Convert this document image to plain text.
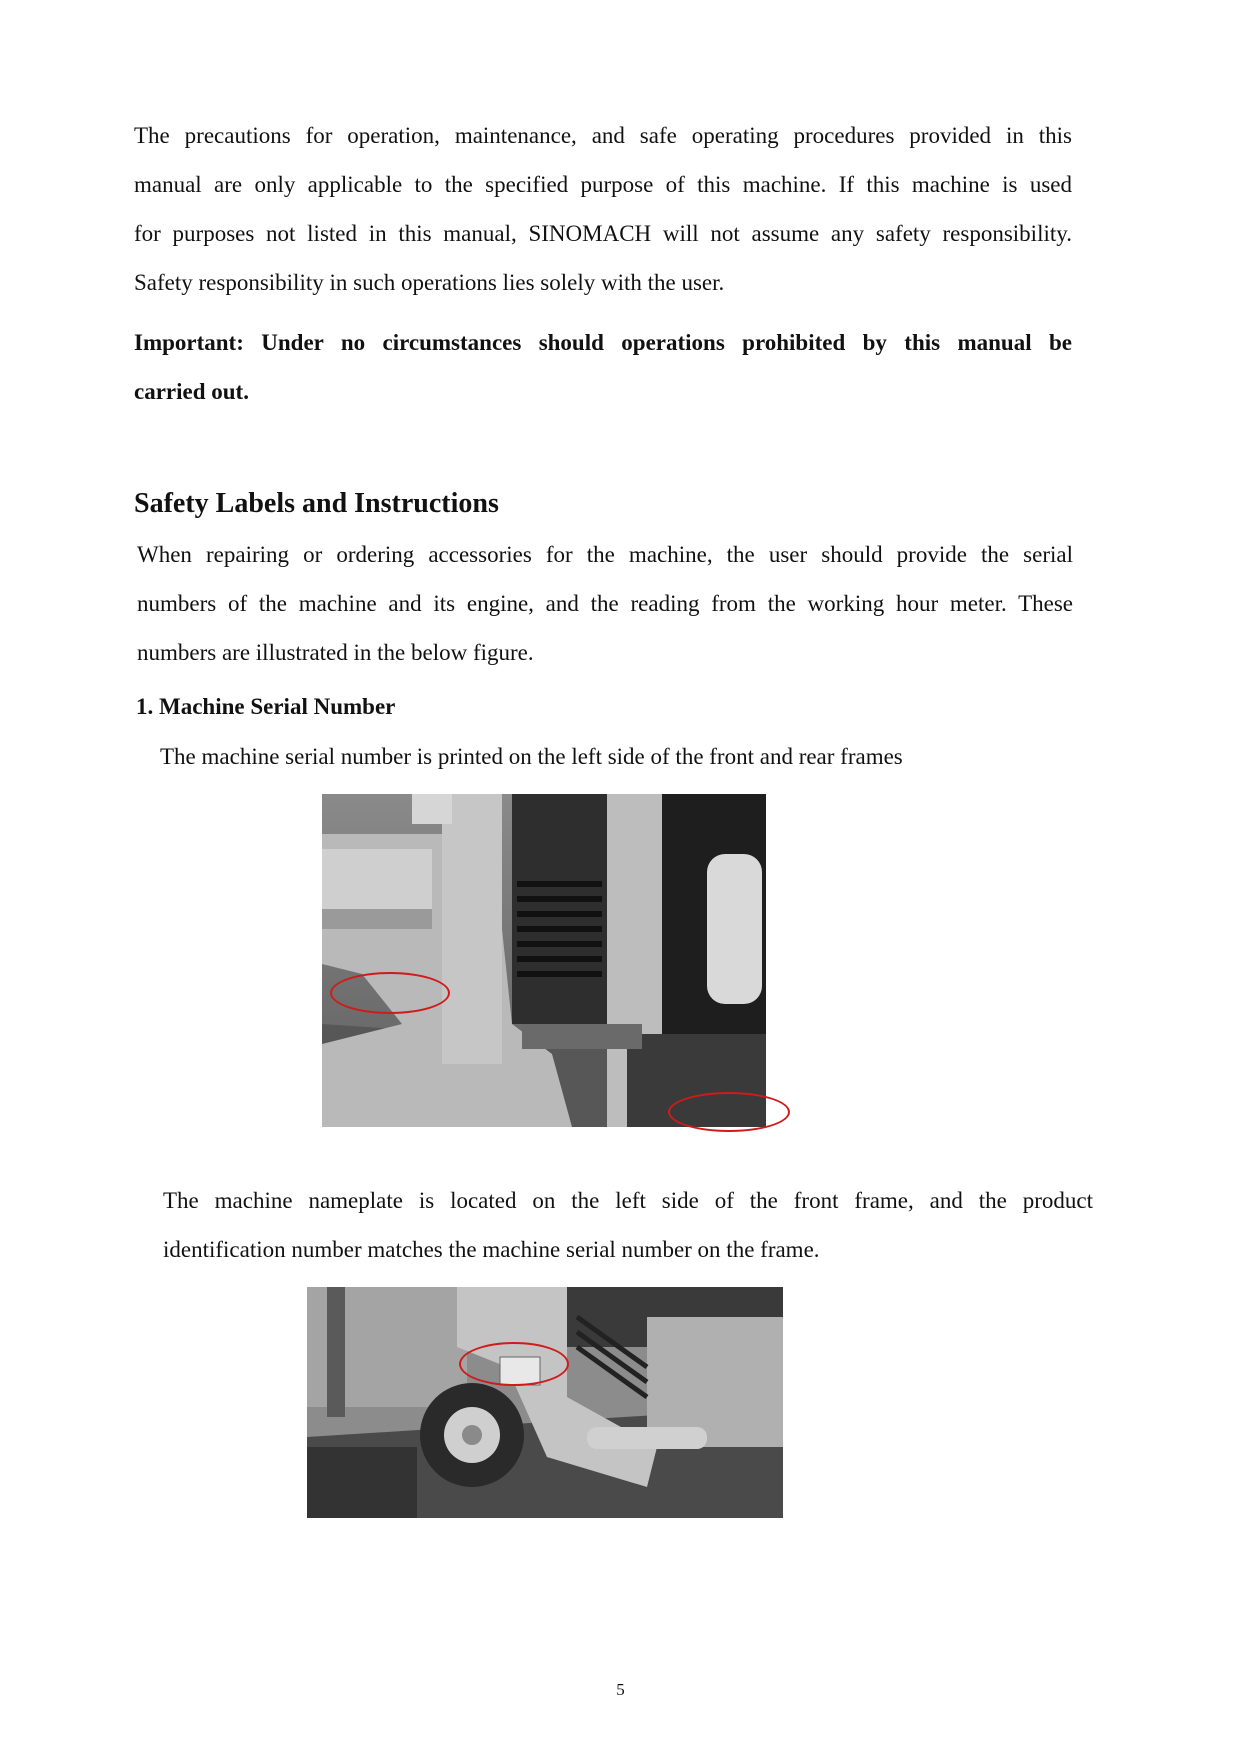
The precautions for operation, maintenance, and safe operating procedures provided in this
manual are only applicable to the specified purpose of this machine. If this machine is used
for purposes not listed in this manual, SINOMACH will not assume any safety responsibility.
Safety responsibility in such operations lies solely with the user.
Important: Under no circumstances should operations prohibited by this manual be
carried out.
Safety Labels and Instructions
When repairing or ordering accessories for the machine, the user should provide the serial
numbers of the machine and its engine, and the reading from the working hour meter. These
numbers are illustrated in the below figure.
1. Machine Serial Number
The machine serial number is printed on the left side of the front and rear frames
The machine nameplate is located on the left side of the front frame, and the product
identification number matches the machine serial number on the frame.
5
